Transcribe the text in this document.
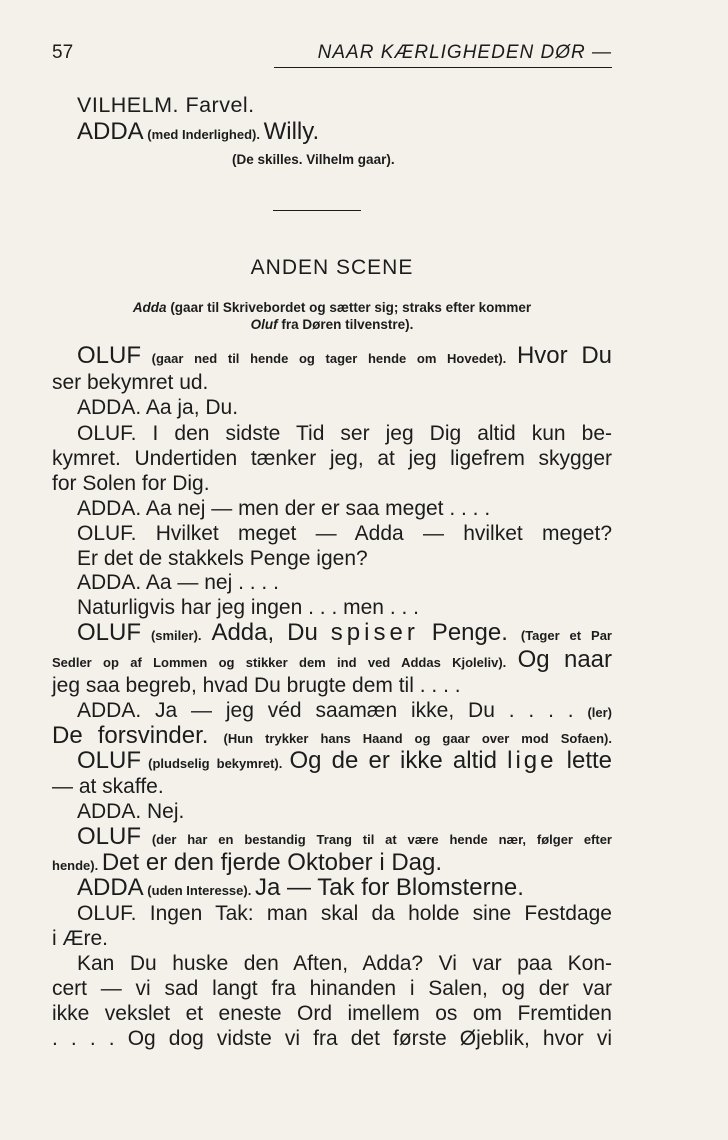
57	NAAR KÆRLIGHEDEN DØR —
VILHELM. Farvel.
ADDA (med Inderlighed). Willy.
(De skilles. Vilhelm gaar).
ANDEN SCENE
Adda (gaar til Skrivebordet og sætter sig; straks efter kommer
Oluf fra Døren tilvenstre).
OLUF (gaar ned til hende og tager hende om Hovedet). Hvor Du
ser bekymret ud.
ADDA. Aa ja, Du.
OLUF. I den sidste Tid ser jeg Dig altid kun be-
kymret. Undertiden tænker jeg, at jeg ligefrem skygger
for Solen for Dig.
ADDA. Aa nej — men der er saa meget . . . .
OLUF. Hvilket meget — Adda — hvilket meget?
Er det de stakkels Penge igen?
ADDA. Aa — nej . . . .
Naturligvis har jeg ingen . . . men . . .
OLUF (smiler). Adda, Du spiser Penge. (Tager et Par
Sedler op af Lommen og stikker dem ind ved Addas Kjoleliv). Og naar
jeg saa begreb, hvad Du brugte dem til . . . .
ADDA. Ja — jeg véd saamæn ikke, Du . . . . (ler)
De forsvinder. (Hun trykker hans Haand og gaar over mod Sofaen).
OLUF (pludselig bekymret). Og de er ikke altid lige lette
— at skaffe.
ADDA. Nej.
OLUF (der har en bestandig Trang til at være hende nær, følger efter
hende). Det er den fjerde Oktober i Dag.
ADDA (uden Interesse). Ja — Tak for Blomsterne.
OLUF. Ingen Tak: man skal da holde sine Festdage
i Ære.
Kan Du huske den Aften, Adda? Vi var paa Kon-
cert — vi sad langt fra hinanden i Salen, og der var
ikke vekslet et eneste Ord imellem os om Fremtiden
. . . . Og dog vidste vi fra det første Øjeblik, hvor vi
